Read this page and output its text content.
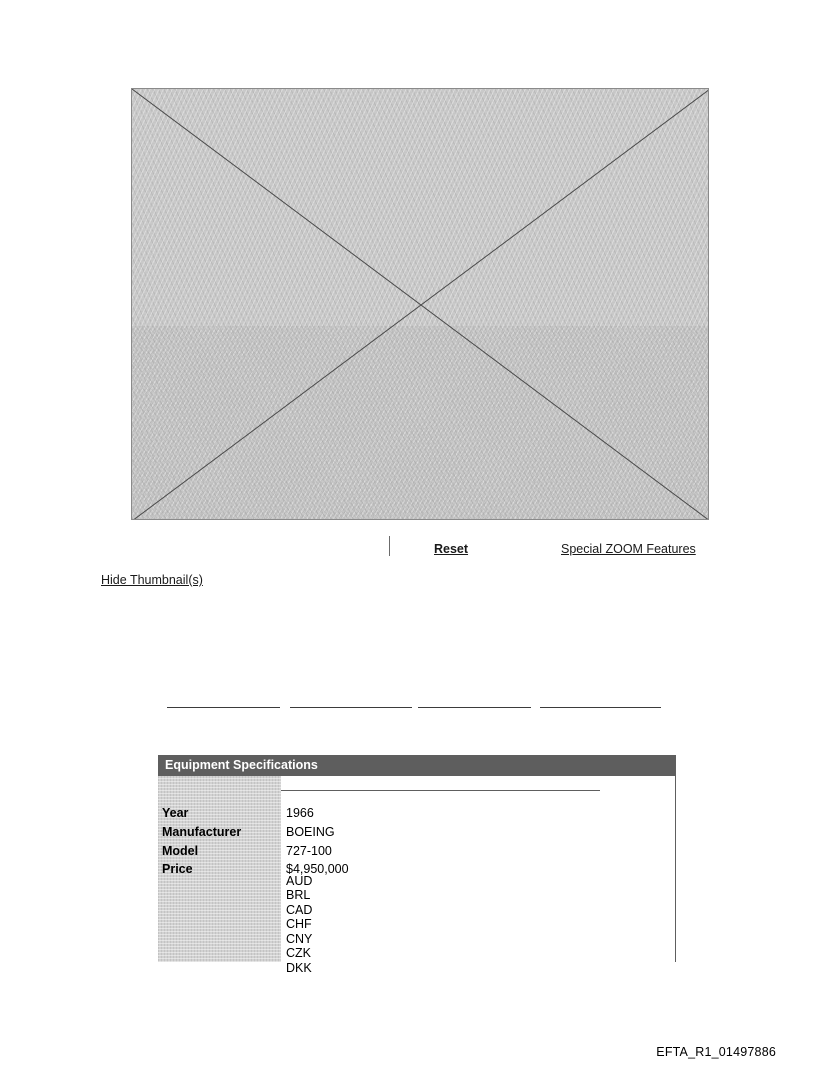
Reset	Special ZOOM Features
Hide Thumbnail(s)
Equipment Specifications
Year	1966
Manufacturer	BOEING
Model	727-100
Price	$4,950,000
AUD
BRL
CAD
CHF
CNY
CZK
DKK
EFTA_R1_01497886
